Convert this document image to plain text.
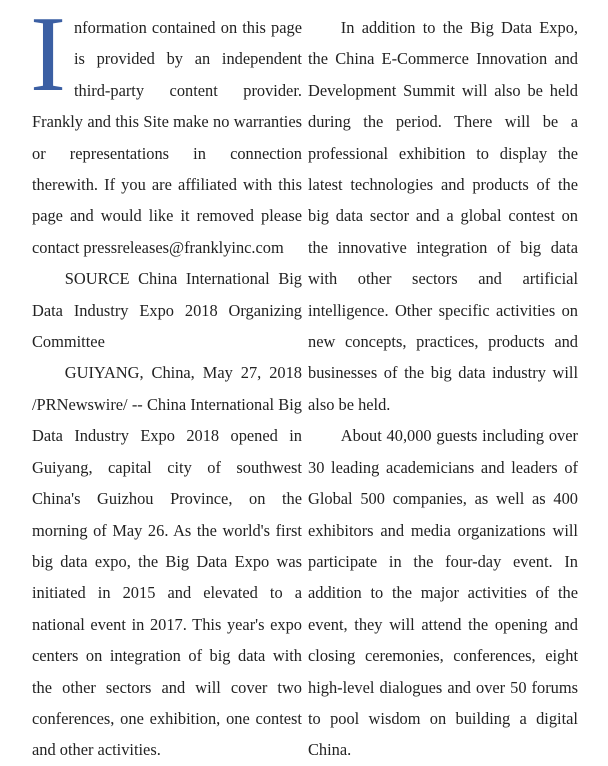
Information contained on this page is provided by an independent third-party content provider. Frankly and this Site make no warranties or representations in connection therewith. If you are affiliated with this page and would like it removed please contact pressreleases@franklyinc.com

SOURCE China International Big Data Industry Expo 2018 Organizing Committee

GUIYANG, China, May 27, 2018 /PRNewswire/ -- China International Big Data Industry Expo 2018 opened in Guiyang, capital city of southwest China's Guizhou Province, on the morning of May 26. As the world's first big data expo, the Big Data Expo was initiated in 2015 and elevated to a national event in 2017. This year's expo centers on integration of big data with the other sectors and will cover two conferences, one exhibition, one contest and other activities.

In addition to the Big Data Expo, the China E-Commerce Innovation and Development Summit will also be held during the period. There will be a professional exhibition to display the latest technologies and products of the big data sector and a global contest on the innovative integration of big data with other sectors and artificial intelligence. Other specific activities on new concepts, practices, products and businesses of the big data industry will also be held.

About 40,000 guests including over 30 leading academicians and leaders of Global 500 companies, as well as 400 exhibitors and media organizations will participate in the four-day event. In addition to the major activities of the event, they will attend the opening and closing ceremonies, conferences, eight high-level dialogues and over 50 forums to pool wisdom on building a digital China.
